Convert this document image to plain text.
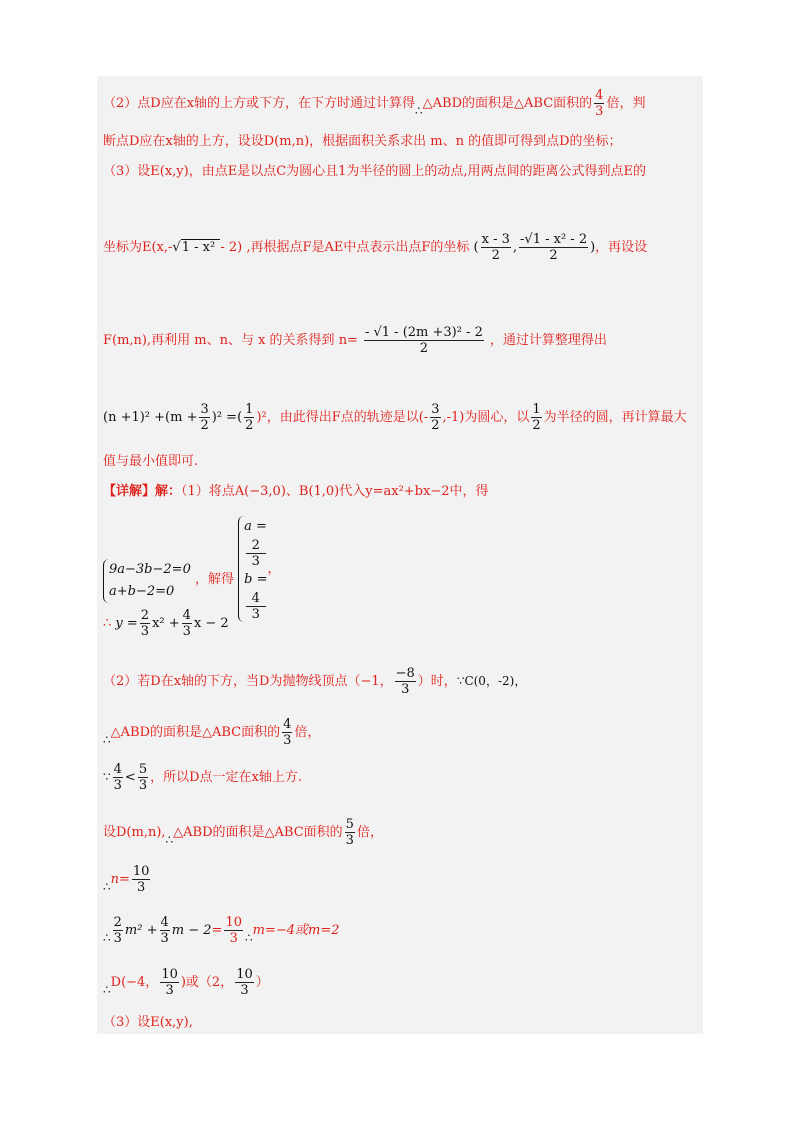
（2）点D应在x轴的上方或下方，在下方时通过计算得∴△ABD的面积是△ABC面积的 $\frac{4}{3}$ 倍，判
断点D应在x轴的上方，设设D(m,n)，根据面积关系求出 m、n 的值即可得到点D的坐标；
（3）设E(x,y)，由点E是以点C为圆心且1为半径的圆上的动点,用两点间的距离公式得到点E的
坐标为E(x,-√1 - x² - 2) ,再根据点F是AE中点表示出点F的坐标 ( $\frac{x - 3}{2}$ , $\frac{\text{-√1 - x² - 2}}{2}$ )，再设设
F(m,n),再利用 m、n、与 x 的关系得到 $n= \frac{\text{- √1 - (2m +3)² - 2}}{2}$ ，通过计算整理得出
$(n +1)^2 +(m + \frac{3}{2} )^2$ =( $\frac{1}{2} )^2$，由此得出F点的轨迹是以(- $\frac{3}{2} ,-1$)为圆心，以 $\frac{1}{2}$ 为半径的圆，再计算最大
值与最小值即可.
【详解】解：（1）将点A(−3,0)、B(1,0)代入y=ax²+bx−2中，得
9a−3b−2=0
a+b−2=0
，解得
a =
2
3
b =
4
3
，
∴ $y = \frac{2}{3} x^2 + \frac{4}{3}$ x − 2
（2）若D在x轴的下方，当D为抛物线顶点（−1， $\frac{-8}{3}$ ）时，∵C(0，-2)，
∴△ABD的面积是△ABC面积的 $\frac{4}{3}$ 倍，
∵ $\frac{4}{3} < \frac{5}{3}$ ，所以D点一定在x轴上方.
设D(m,n),∴△ABD的面积是△ABC面积的 $\frac{5}{3}$ 倍，
∴n= $\frac{10}{3}$
∴ $\frac{2}{3} m^2 + \frac{4}{3}$ $m - 2= \frac{10}{3}$ ∴m=−4或m=2
∴D(−4， $\frac{10}{3}$ )或（2， $\frac{10}{3}$ ）
（3）设E(x,y),
